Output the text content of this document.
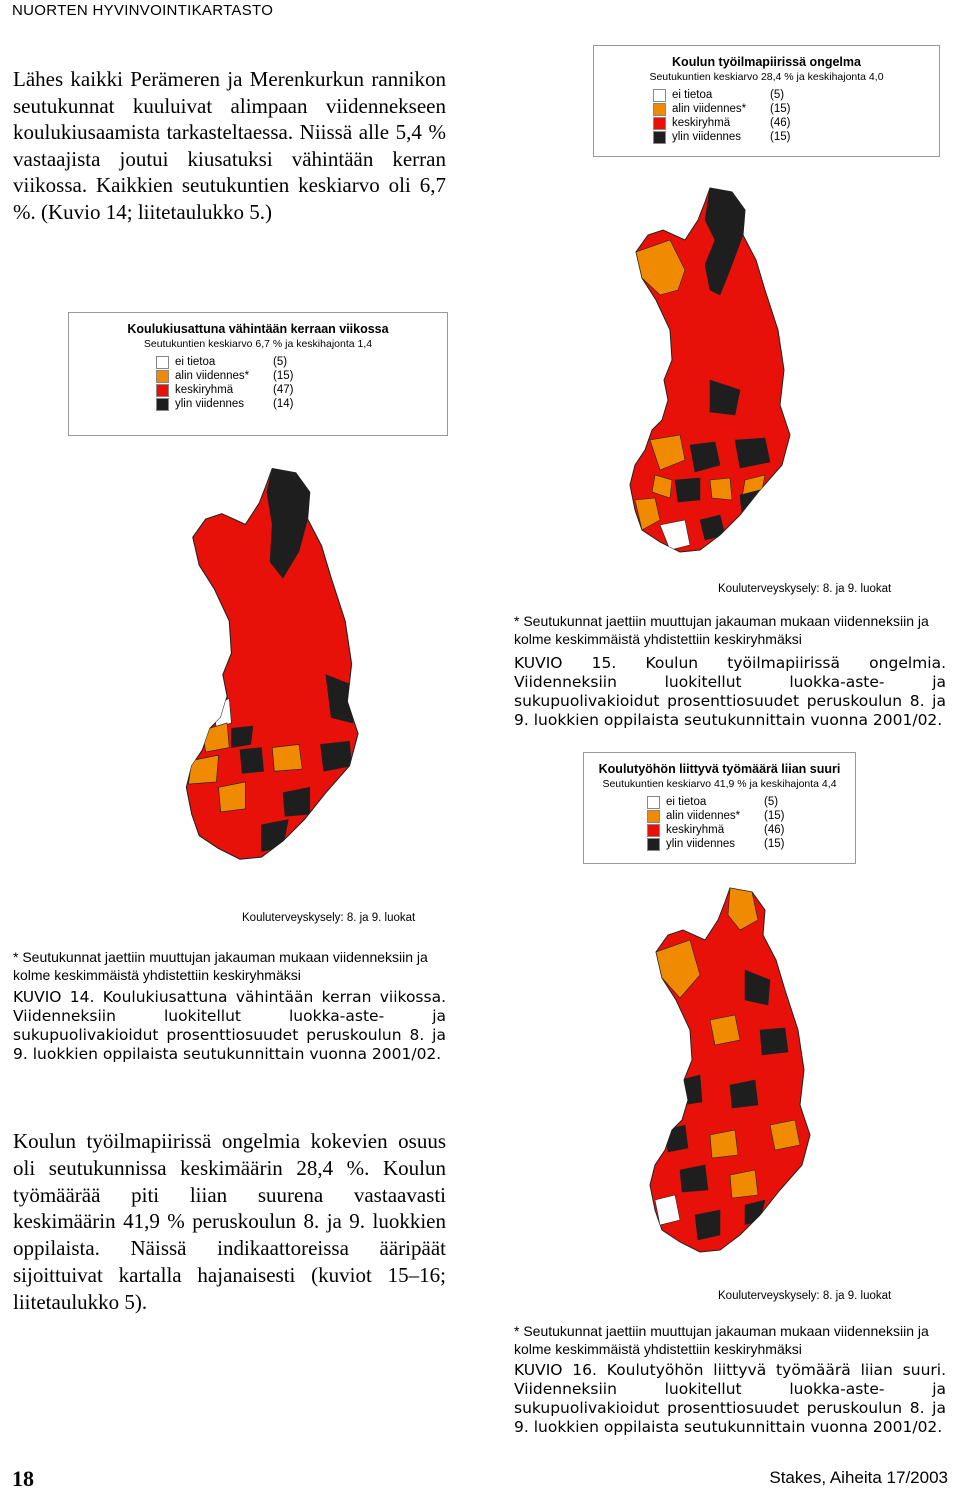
NUORTEN HYVINVOINTIKARTASTO
Lähes kaikki Perämeren ja Merenkurkun rannikon seutukunnat kuuluivat alimpaan viidennekseen koulukiusaamista tarkasteltaessa. Niissä alle 5,4 % vastaajista joutui kiusatuksi vähintään kerran viikossa. Kaikkien seutukuntien keskiarvo oli 6,7 %. (Kuvio 14; liitetaulukko 5.)
Koulun työilmapiirissä ongelma
Seutukuntien keskiarvo 28,4 % ja keskihajonta 4,0
ei tietoa	(5)
alin viidennes*	(15)
keskiryhmä	(46)
ylin viidennes	(15)
Kouluterveyskysely: 8. ja 9. luokat
* Seutukunnat jaettiin muuttujan jakauman mukaan viidenneksiin ja kolme keskimmäistä yhdistettiin keskiryhmäksi
KUVIO 15. Koulun työilmapiirissä ongelmia. Viidenneksiin luokitellut luokka-aste- ja sukupuolivakioidut prosenttiosuudet peruskoulun 8. ja 9. luokkien oppilaista seutukunnittain vuonna 2001/02.
Koulukiusattuna vähintään kerraan viikossa
Seutukuntien keskiarvo 6,7 % ja keskihajonta 1,4
ei tietoa	(5)
alin viidennes*	(15)
keskiryhmä	(47)
ylin viidennes	(14)
Kouluterveyskysely: 8. ja 9. luokat
* Seutukunnat jaettiin muuttujan jakauman mukaan viidenneksiin ja kolme keskimmäistä yhdistettiin keskiryhmäksi
KUVIO 14. Koulukiusattuna vähintään kerran viikossa. Viidenneksiin luokitellut luokka-aste- ja sukupuolivakioidut prosenttiosuudet peruskoulun 8. ja 9. luokkien oppilaista seutukunnittain vuonna 2001/02.
Koulutyöhön liittyvä työmäärä liian suuri
Seutukuntien keskiarvo 41,9 % ja keskihajonta 4,4
ei tietoa	(5)
alin viidennes*	(15)
keskiryhmä	(46)
ylin viidennes	(15)
Kouluterveyskysely: 8. ja 9. luokat
* Seutukunnat jaettiin muuttujan jakauman mukaan viidenneksiin ja kolme keskimmäistä yhdistettiin keskiryhmäksi
KUVIO 16. Koulutyöhön liittyvä työmäärä liian suuri. Viidenneksiin luokitellut luokka-aste- ja sukupuolivakioidut prosenttiosuudet peruskoulun 8. ja 9. luokkien oppilaista seutukunnittain vuonna 2001/02.
Koulun työilmapiirissä ongelmia kokevien osuus oli seutukunnissa keskimäärin 28,4 %. Koulun työmäärää piti liian suurena vastaavasti keskimäärin 41,9 % peruskoulun 8. ja 9. luokkien oppilaista. Näissä indikaattoreissa ääripäät sijoittuivat kartalla hajanaisesti (kuviot 15–16; liitetaulukko 5).
18	Stakes, Aiheita 17/2003
